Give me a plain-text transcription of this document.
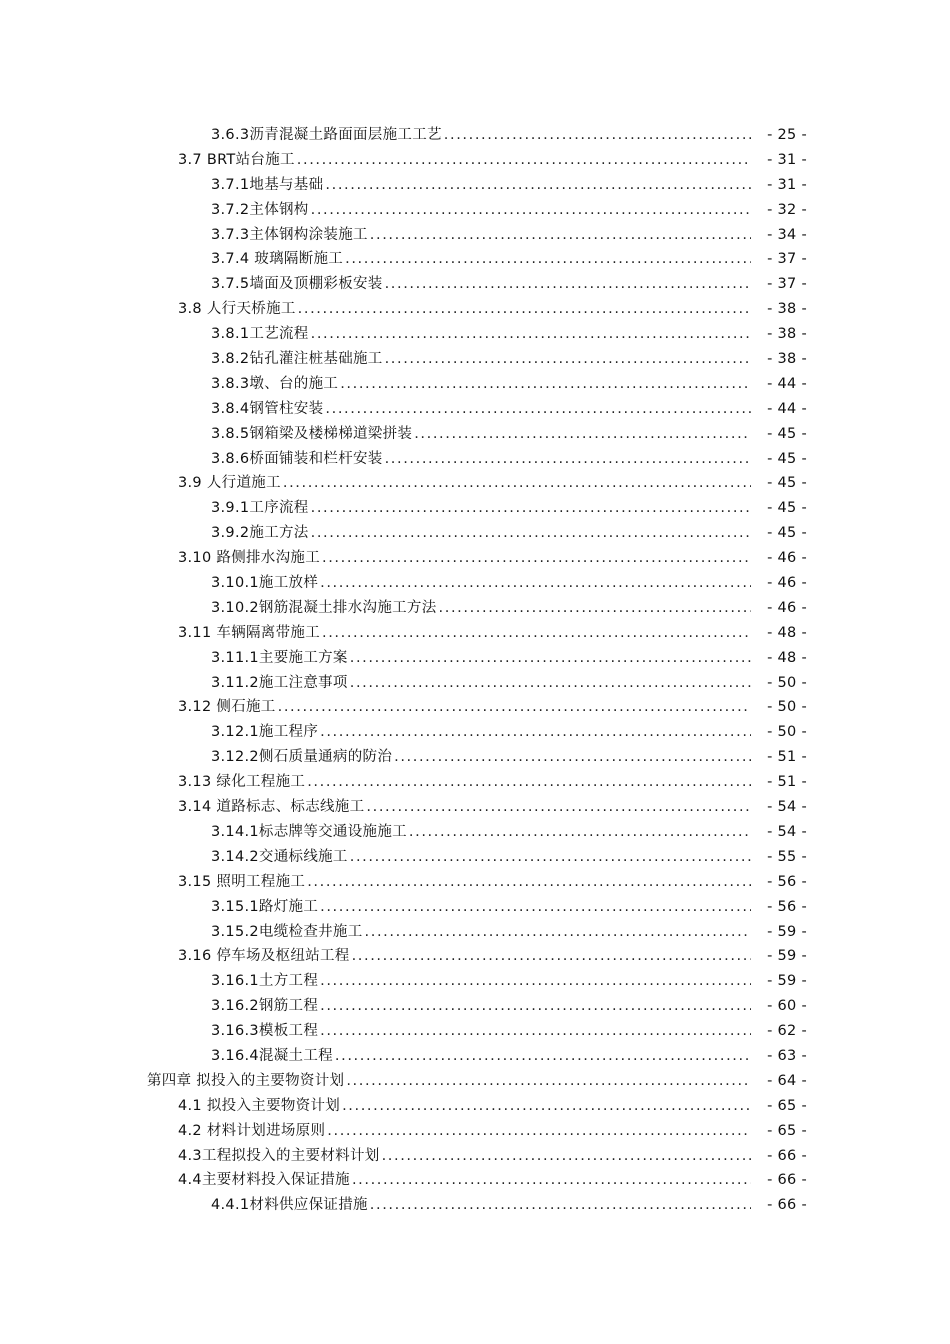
3.6.3沥青混凝土路面面层施工工艺 .....	- 25 -
3.7 BRT站台施工 .....	- 31 -
3.7.1地基与基础 .....	- 31 -
3.7.2主体钢构 .....	- 32 -
3.7.3主体钢构涂装施工 .....	- 34 -
3.7.4 玻璃隔断施工 .....	- 37 -
3.7.5墙面及顶棚彩板安装 .....	- 37 -
3.8 人行天桥施工 .....	- 38 -
3.8.1工艺流程 .....	- 38 -
3.8.2钻孔灌注桩基础施工 .....	- 38 -
3.8.3墩、台的施工 .....	- 44 -
3.8.4钢管柱安装 .....	- 44 -
3.8.5钢箱梁及楼梯梯道梁拼装 .....	- 45 -
3.8.6桥面铺装和栏杆安装 .....	- 45 -
3.9 人行道施工 .....	- 45 -
3.9.1工序流程 .....	- 45 -
3.9.2施工方法 .....	- 45 -
3.10 路侧排水沟施工 .....	- 46 -
3.10.1施工放样 .....	- 46 -
3.10.2钢筋混凝土排水沟施工方法 .....	- 46 -
3.11 车辆隔离带施工 .....	- 48 -
3.11.1主要施工方案 .....	- 48 -
3.11.2施工注意事项 .....	- 50 -
3.12 侧石施工 .....	- 50 -
3.12.1施工程序 .....	- 50 -
3.12.2侧石质量通病的防治 .....	- 51 -
3.13 绿化工程施工 .....	- 51 -
3.14 道路标志、标志线施工 .....	- 54 -
3.14.1标志牌等交通设施施工 .....	- 54 -
3.14.2交通标线施工 .....	- 55 -
3.15 照明工程施工 .....	- 56 -
3.15.1路灯施工 .....	- 56 -
3.15.2电缆检查井施工 .....	- 59 -
3.16 停车场及枢纽站工程 .....	- 59 -
3.16.1土方工程 .....	- 59 -
3.16.2钢筋工程 .....	- 60 -
3.16.3模板工程 .....	- 62 -
3.16.4混凝土工程 .....	- 63 -
第四章 拟投入的主要物资计划 .....	- 64 -
4.1 拟投入主要物资计划 .....	- 65 -
4.2 材料计划进场原则 .....	- 65 -
4.3工程拟投入的主要材料计划 .....	- 66 -
4.4主要材料投入保证措施 .....	- 66 -
4.4.1材料供应保证措施 .....	- 66 -
